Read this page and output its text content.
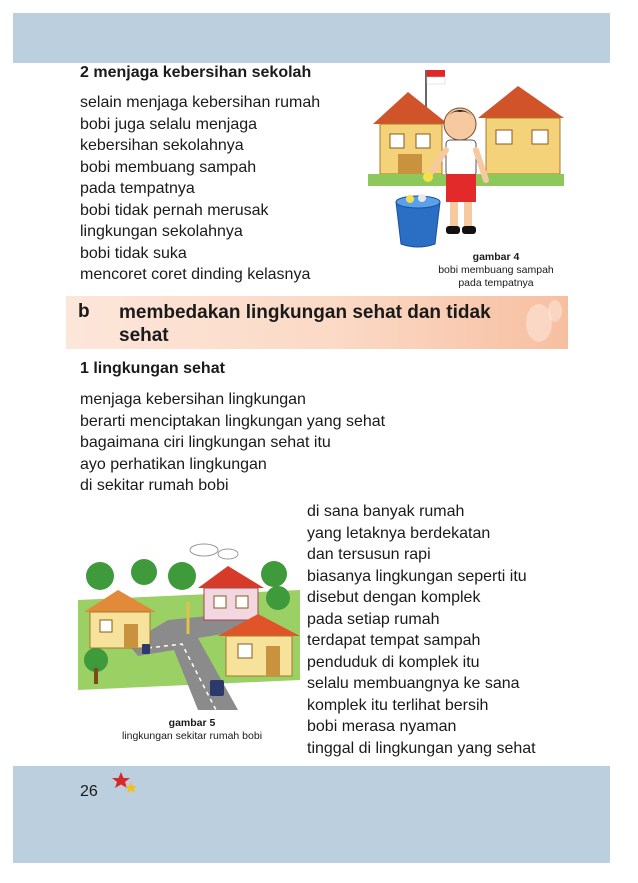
2 menjaga kebersihan sekolah
selain menjaga kebersihan rumah
bobi juga selalu menjaga
kebersihan sekolahnya
bobi membuang sampah
pada tempatnya
bobi tidak pernah merusak
lingkungan sekolahnya
bobi tidak suka
mencoret coret dinding kelasnya
gambar 4
bobi membuang sampah
pada tempatnya
b membedakan lingkungan sehat dan tidak sehat
1 lingkungan sehat
menjaga kebersihan lingkungan
berarti menciptakan lingkungan yang sehat
bagaimana ciri lingkungan sehat itu
ayo perhatikan lingkungan
di sekitar rumah bobi
di sana banyak rumah
yang letaknya berdekatan
dan tersusun rapi
biasanya lingkungan seperti itu
disebut dengan komplek
pada setiap rumah
terdapat tempat sampah
penduduk di komplek itu
selalu membuangnya ke sana
komplek itu terlihat bersih
bobi merasa nyaman
tinggal di lingkungan yang sehat
gambar 5
lingkungan sekitar rumah bobi
26
